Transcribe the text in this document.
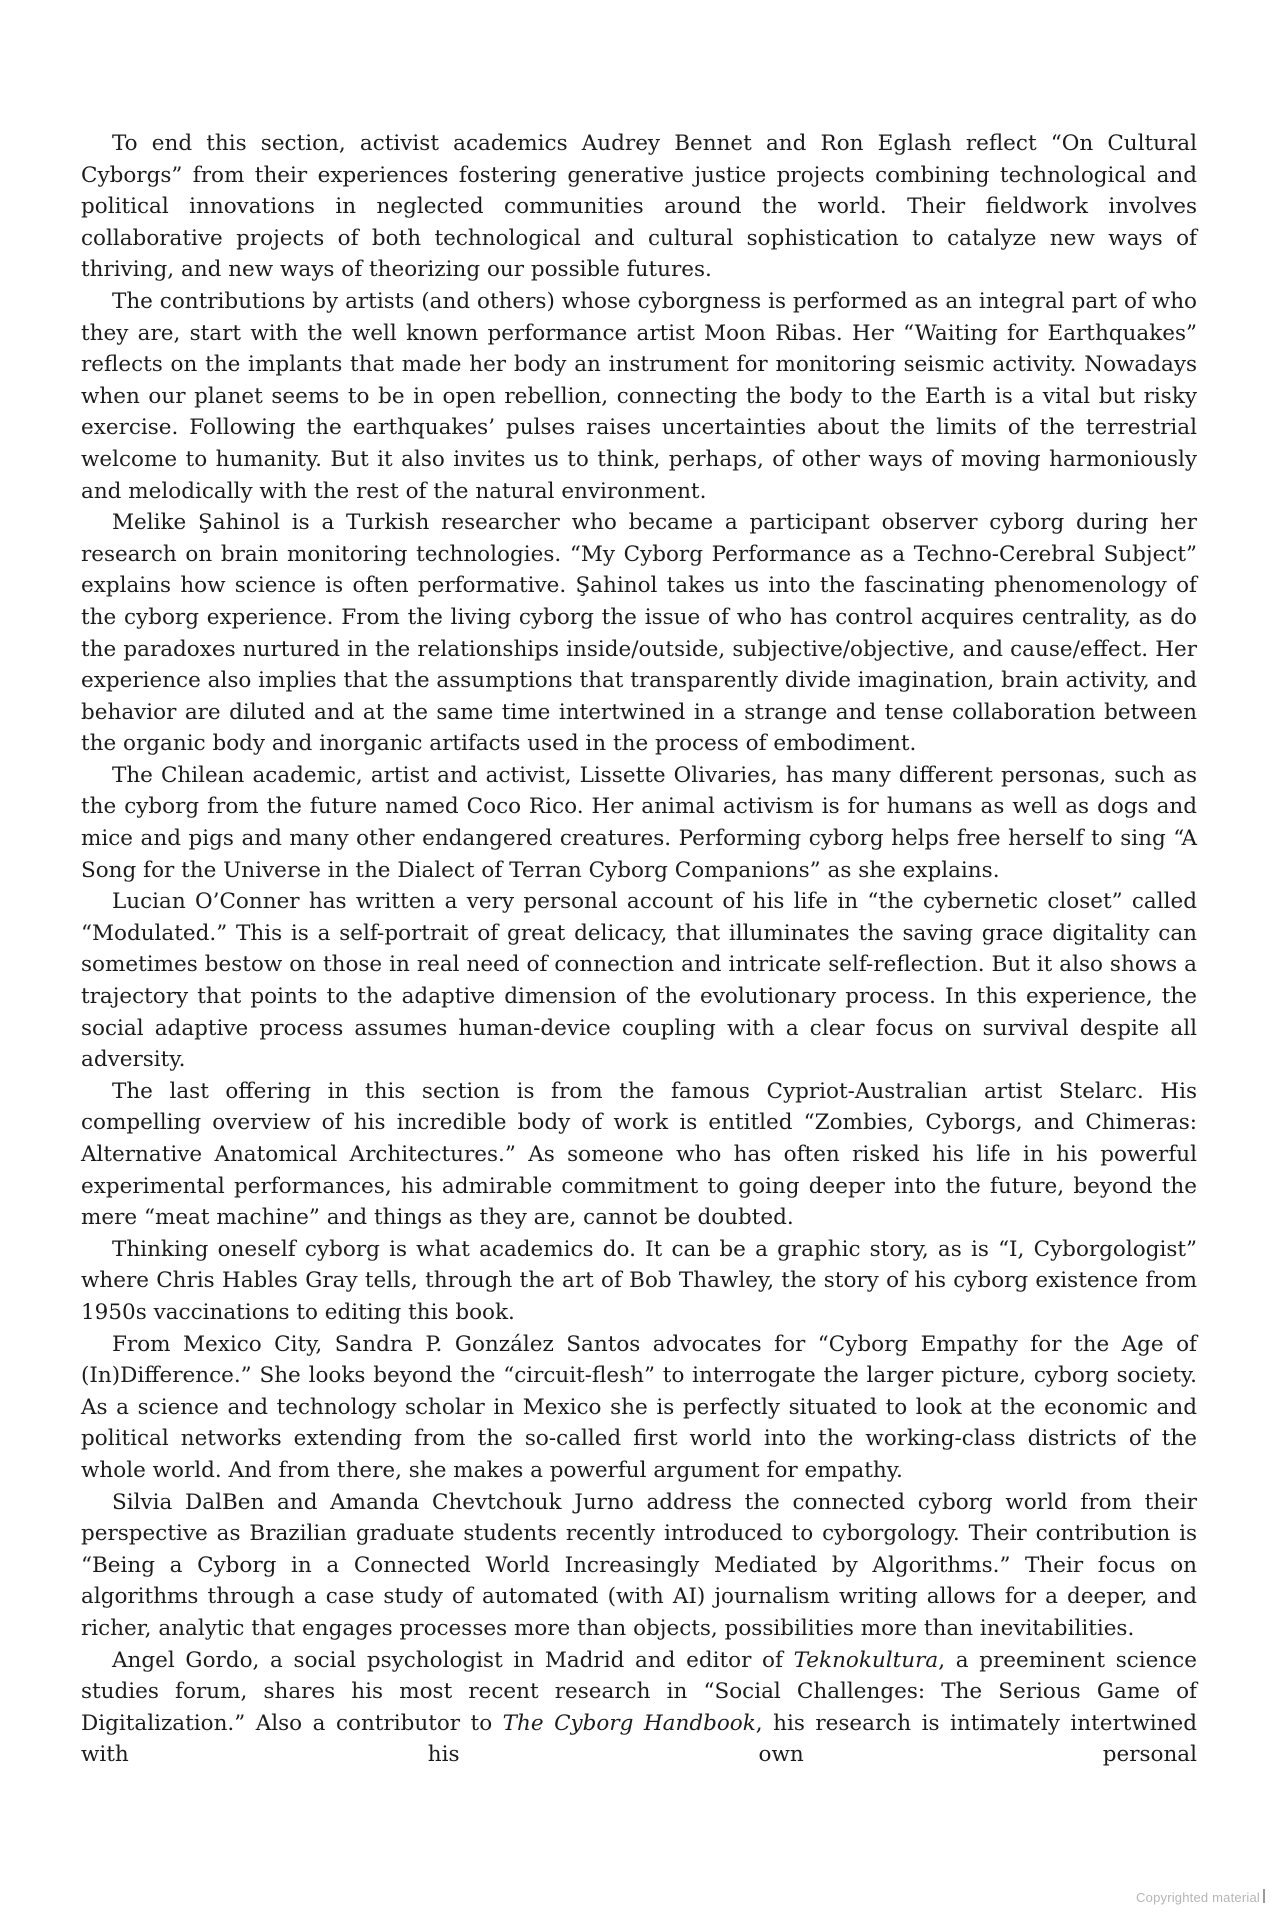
To end this section, activist academics Audrey Bennet and Ron Eglash reflect “On Cultural Cyborgs” from their experiences fostering generative justice projects combining technological and political innovations in neglected communities around the world. Their fieldwork involves collaborative projects of both technological and cultural sophistication to catalyze new ways of thriving, and new ways of theorizing our possible futures.

The contributions by artists (and others) whose cyborgness is performed as an integral part of who they are, start with the well known performance artist Moon Ribas. Her “Waiting for Earthquakes” reflects on the implants that made her body an instrument for monitoring seismic activity. Nowadays when our planet seems to be in open rebellion, connecting the body to the Earth is a vital but risky exercise. Following the earthquakes’ pulses raises uncertainties about the limits of the terrestrial welcome to humanity. But it also invites us to think, perhaps, of other ways of moving harmoniously and melodically with the rest of the natural environment.

Melike Şahinol is a Turkish researcher who became a participant observer cyborg during her research on brain monitoring technologies. “My Cyborg Performance as a Techno-Cerebral Subject” explains how science is often performative. Şahinol takes us into the fascinating phenomenology of the cyborg experience. From the living cyborg the issue of who has control acquires centrality, as do the paradoxes nurtured in the relationships inside/outside, subjective/objective, and cause/effect. Her experience also implies that the assumptions that transparently divide imagination, brain activity, and behavior are diluted and at the same time intertwined in a strange and tense collaboration between the organic body and inorganic artifacts used in the process of embodiment.

The Chilean academic, artist and activist, Lissette Olivaries, has many different personas, such as the cyborg from the future named Coco Rico. Her animal activism is for humans as well as dogs and mice and pigs and many other endangered creatures. Performing cyborg helps free herself to sing “A Song for the Universe in the Dialect of Terran Cyborg Companions” as she explains.

Lucian O’Conner has written a very personal account of his life in “the cybernetic closet” called “Modulated.” This is a self-portrait of great delicacy, that illuminates the saving grace digitality can sometimes bestow on those in real need of connection and intricate self-reflection. But it also shows a trajectory that points to the adaptive dimension of the evolutionary process. In this experience, the social adaptive process assumes human-device coupling with a clear focus on survival despite all adversity.

The last offering in this section is from the famous Cypriot-Australian artist Stelarc. His compelling overview of his incredible body of work is entitled “Zombies, Cyborgs, and Chimeras: Alternative Anatomical Architectures.” As someone who has often risked his life in his powerful experimental performances, his admirable commitment to going deeper into the future, beyond the mere “meat machine” and things as they are, cannot be doubted.

Thinking oneself cyborg is what academics do. It can be a graphic story, as is “I, Cyborgologist” where Chris Hables Gray tells, through the art of Bob Thawley, the story of his cyborg existence from 1950s vaccinations to editing this book.

From Mexico City, Sandra P. González Santos advocates for “Cyborg Empathy for the Age of (In)Difference.” She looks beyond the “circuit-flesh” to interrogate the larger picture, cyborg society. As a science and technology scholar in Mexico she is perfectly situated to look at the economic and political networks extending from the so-called first world into the working-class districts of the whole world. And from there, she makes a powerful argument for empathy.

Silvia DalBen and Amanda Chevtchouk Jurno address the connected cyborg world from their perspective as Brazilian graduate students recently introduced to cyborgology. Their contribution is “Being a Cyborg in a Connected World Increasingly Mediated by Algorithms.” Their focus on algorithms through a case study of automated (with AI) journalism writing allows for a deeper, and richer, analytic that engages processes more than objects, possibilities more than inevitabilities.

Angel Gordo, a social psychologist in Madrid and editor of Teknokultura, a preeminent science studies forum, shares his most recent research in “Social Challenges: The Serious Game of Digitalization.” Also a contributor to The Cyborg Handbook, his research is intimately intertwined with his own personal

Copyrighted material
